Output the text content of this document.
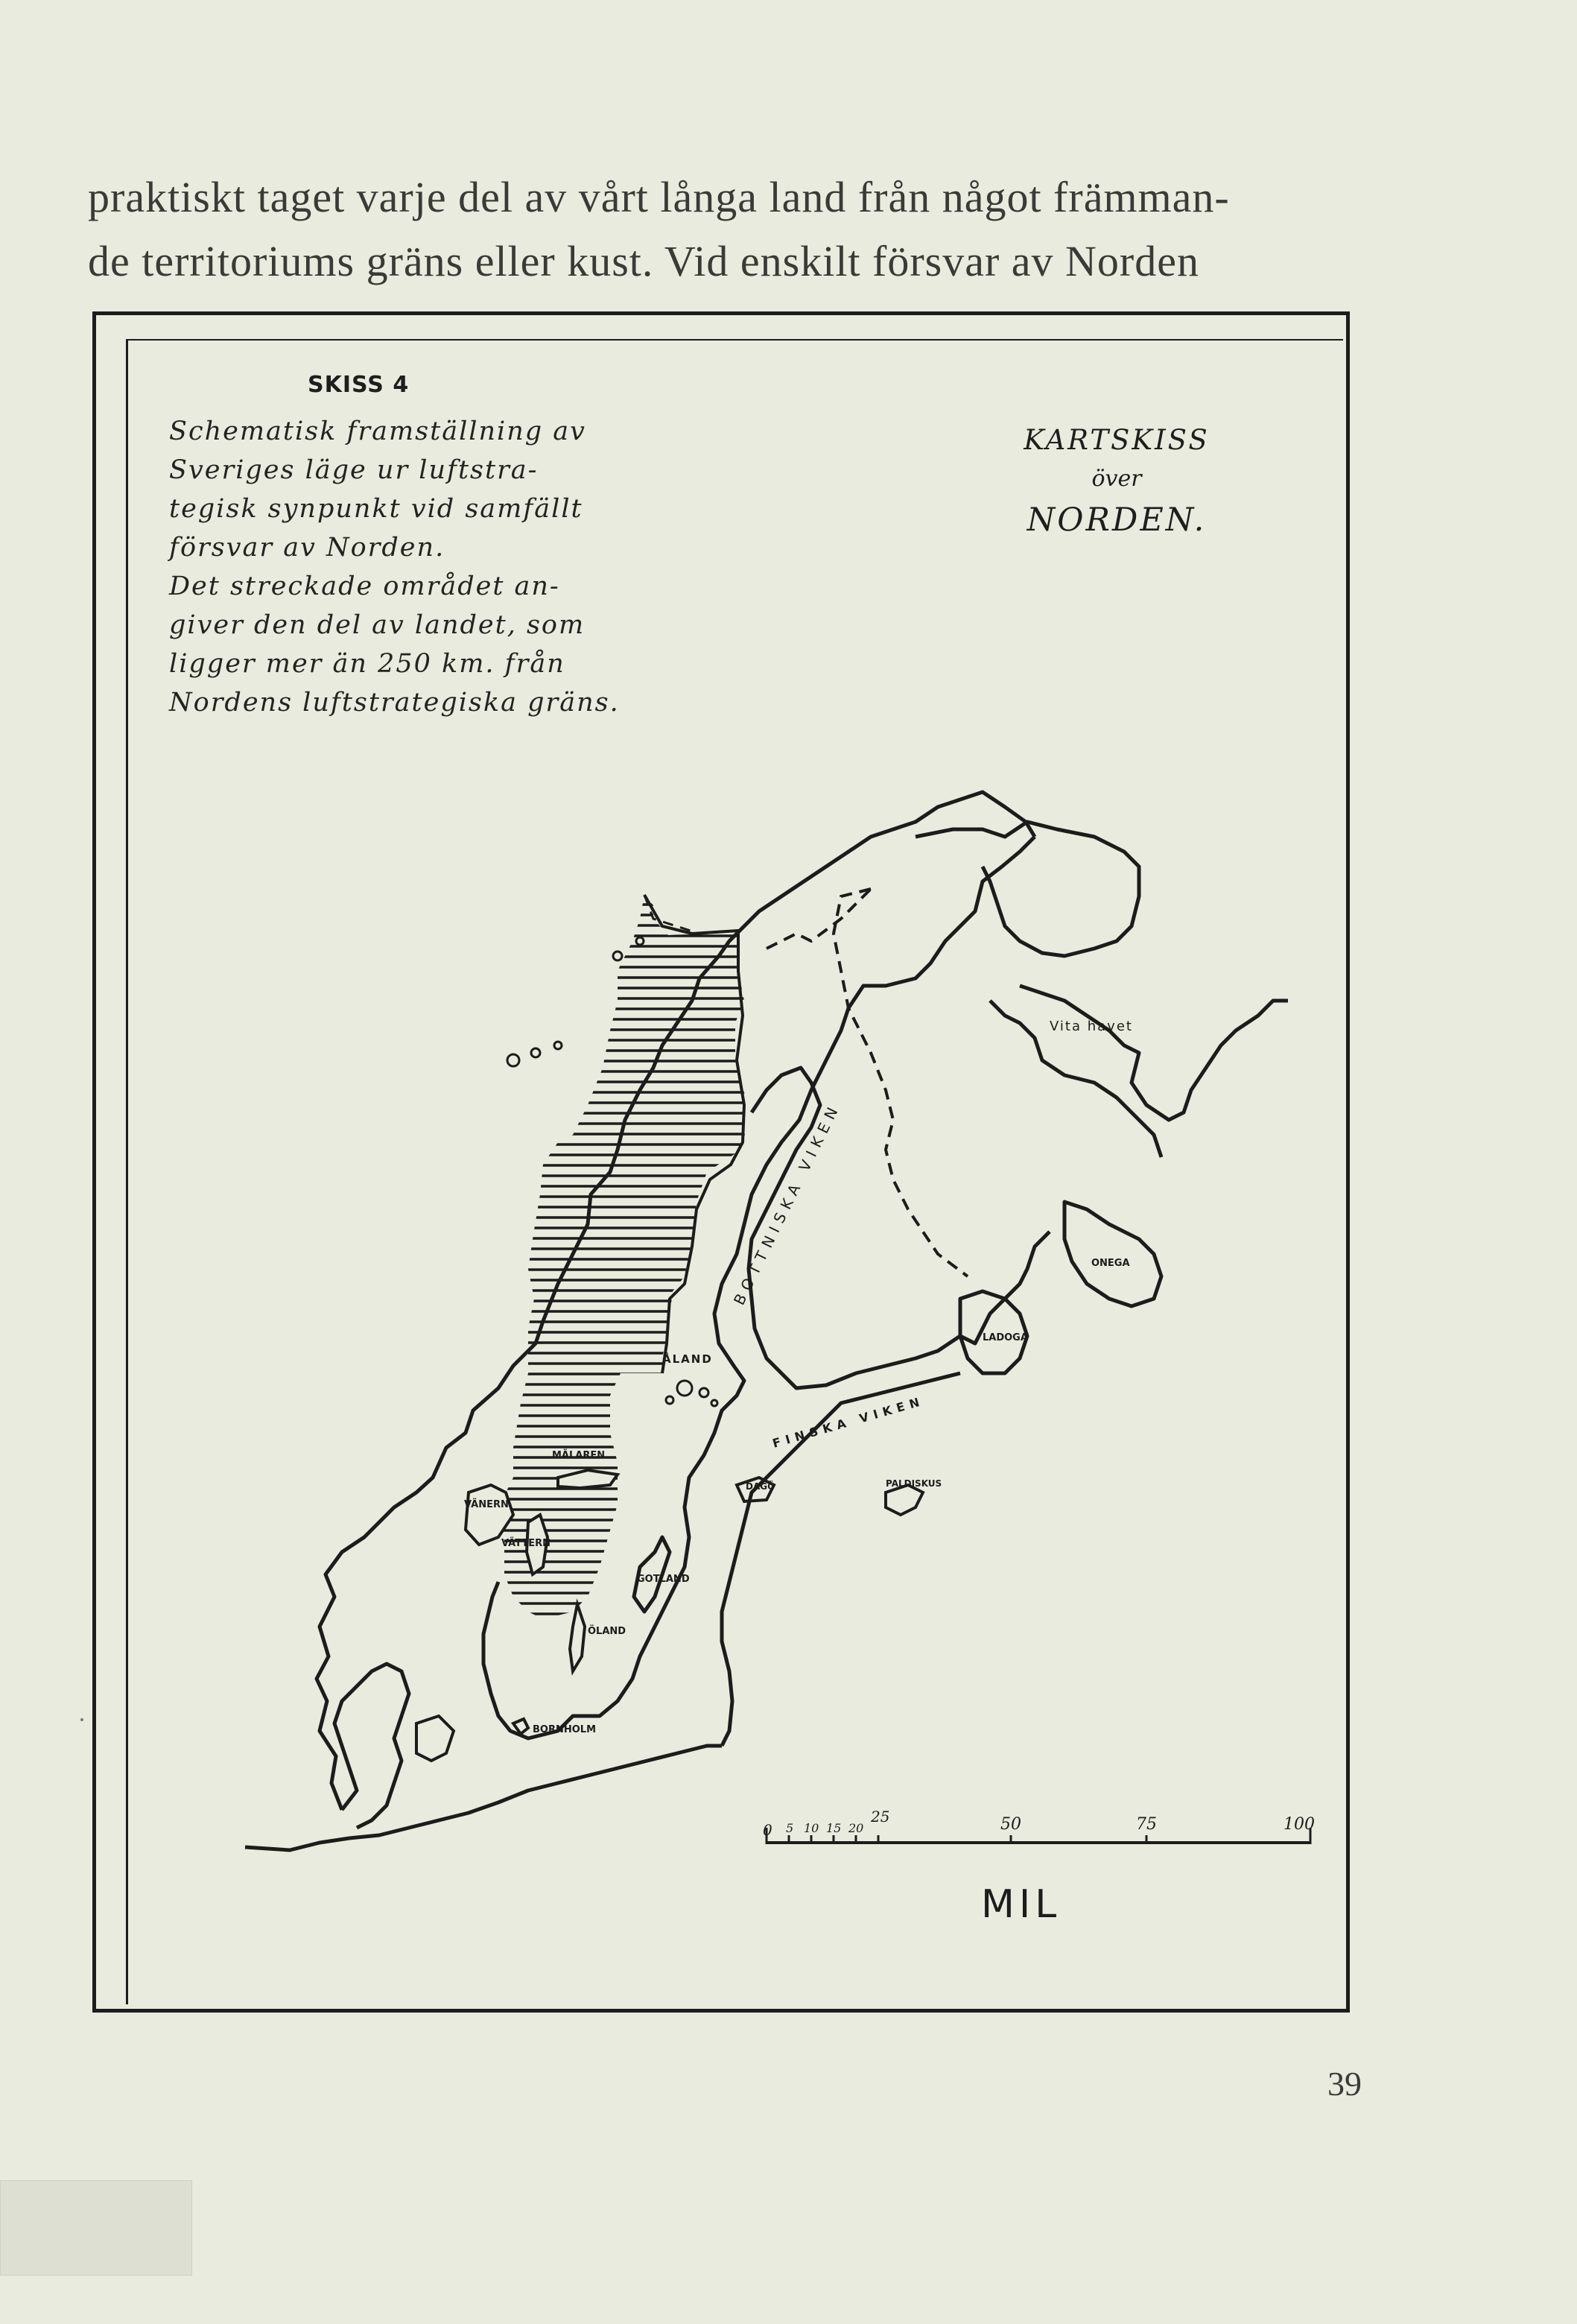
praktiskt taget varje del av vårt långa land från något främman-
de territoriums gräns eller kust. Vid enskilt försvar av Norden

SKISS 4

Schematisk framställning av
Sveriges läge ur luftstra-
tegisk synpunkt vid samfällt
försvar av Norden.
Det streckade området an-
giver den del av landet, som
ligger mer än 250 km. från
Nordens luftstrategiska gräns.

KARTSKISS
över
NORDEN.

BOTTNISKA VIKEN
Vita havet
ONEGA
LADOGA
ÅLAND
FINSKA VIKEN
MÄLAREN
VÄNERN
VÄTTERN
GOTLAND
ÖLAND
BORNHOLM
DAGÖ	PALDISKUS
0 5 10 15 20
25	50	75	100
MIL

39
